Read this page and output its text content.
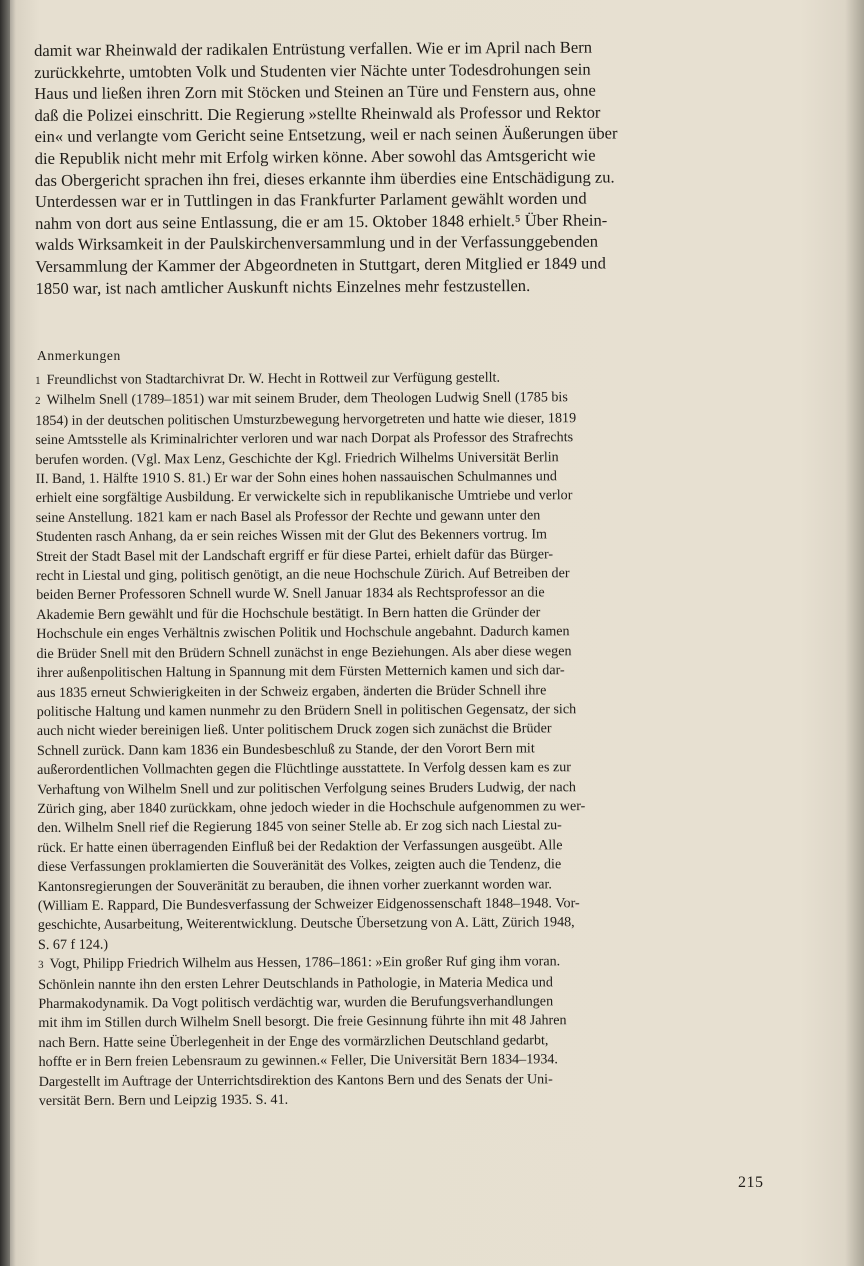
damit war Rheinwald der radikalen Entrüstung verfallen. Wie er im April nach Bern
zurückkehrte, umtobten Volk und Studenten vier Nächte unter Todesdrohungen sein
Haus und ließen ihren Zorn mit Stöcken und Steinen an Türe und Fenstern aus, ohne
daß die Polizei einschritt. Die Regierung »stellte Rheinwald als Professor und Rektor
ein« und verlangte vom Gericht seine Entsetzung, weil er nach seinen Äußerungen über
die Republik nicht mehr mit Erfolg wirken könne. Aber sowohl das Amtsgericht wie
das Obergericht sprachen ihn frei, dieses erkannte ihm überdies eine Entschädigung zu.
Unterdessen war er in Tuttlingen in das Frankfurter Parlament gewählt worden und
nahm von dort aus seine Entlassung, die er am 15. Oktober 1848 erhielt.⁵ Über Rhein-
walds Wirksamkeit in der Paulskirchenversammlung und in der Verfassunggebenden
Versammlung der Kammer der Abgeordneten in Stuttgart, deren Mitglied er 1849 und
1850 war, ist nach amtlicher Auskunft nichts Einzelnes mehr festzustellen.
Anmerkungen
1 Freundlichst von Stadtarchivrat Dr. W. Hecht in Rottweil zur Verfügung gestellt.
2 Wilhelm Snell (1789–1851) war mit seinem Bruder, dem Theologen Ludwig Snell (1785 bis
1854) in der deutschen politischen Umsturzbewegung hervorgetreten und hatte wie dieser, 1819
seine Amtsstelle als Kriminalrichter verloren und war nach Dorpat als Professor des Strafrechts
berufen worden. (Vgl. Max Lenz, Geschichte der Kgl. Friedrich Wilhelms Universität Berlin
II. Band, 1. Hälfte 1910 S. 81.) Er war der Sohn eines hohen nassauischen Schulmannes und
erhielt eine sorgfältige Ausbildung. Er verwickelte sich in republikanische Umtriebe und verlor
seine Anstellung. 1821 kam er nach Basel als Professor der Rechte und gewann unter den
Studenten rasch Anhang, da er sein reiches Wissen mit der Glut des Bekenners vortrug. Im
Streit der Stadt Basel mit der Landschaft ergriff er für diese Partei, erhielt dafür das Bürger-
recht in Liestal und ging, politisch genötigt, an die neue Hochschule Zürich. Auf Betreiben der
beiden Berner Professoren Schnell wurde W. Snell Januar 1834 als Rechtsprofessor an die
Akademie Bern gewählt und für die Hochschule bestätigt. In Bern hatten die Gründer der
Hochschule ein enges Verhältnis zwischen Politik und Hochschule angebahnt. Dadurch kamen
die Brüder Snell mit den Brüdern Schnell zunächst in enge Beziehungen. Als aber diese wegen
ihrer außenpolitischen Haltung in Spannung mit dem Fürsten Metternich kamen und sich dar-
aus 1835 erneut Schwierigkeiten in der Schweiz ergaben, änderten die Brüder Schnell ihre
politische Haltung und kamen nunmehr zu den Brüdern Snell in politischen Gegensatz, der sich
auch nicht wieder bereinigen ließ. Unter politischem Druck zogen sich zunächst die Brüder
Schnell zurück. Dann kam 1836 ein Bundesbeschluß zu Stande, der den Vorort Bern mit
außerordentlichen Vollmachten gegen die Flüchtlinge ausstattete. In Verfolg dessen kam es zur
Verhaftung von Wilhelm Snell und zur politischen Verfolgung seines Bruders Ludwig, der nach
Zürich ging, aber 1840 zurückkam, ohne jedoch wieder in die Hochschule aufgenommen zu wer-
den. Wilhelm Snell rief die Regierung 1845 von seiner Stelle ab. Er zog sich nach Liestal zu-
rück. Er hatte einen überragenden Einfluß bei der Redaktion der Verfassungen ausgeübt. Alle
diese Verfassungen proklamierten die Souveränität des Volkes, zeigten auch die Tendenz, die
Kantonsregierungen der Souveränität zu berauben, die ihnen vorher zuerkannt worden war.
(William E. Rappard, Die Bundesverfassung der Schweizer Eidgenossenschaft 1848–1948. Vor-
geschichte, Ausarbeitung, Weiterentwicklung. Deutsche Übersetzung von A. Lätt, Zürich 1948,
S. 67 f 124.)
3 Vogt, Philipp Friedrich Wilhelm aus Hessen, 1786–1861: »Ein großer Ruf ging ihm voran.
Schönlein nannte ihn den ersten Lehrer Deutschlands in Pathologie, in Materia Medica und
Pharmakodynamik. Da Vogt politisch verdächtig war, wurden die Berufungsverhandlungen
mit ihm im Stillen durch Wilhelm Snell besorgt. Die freie Gesinnung führte ihn mit 48 Jahren
nach Bern. Hatte seine Überlegenheit in der Enge des vormärzlichen Deutschland gedarbt,
hoffte er in Bern freien Lebensraum zu gewinnen.« Feller, Die Universität Bern 1834–1934.
Dargestellt im Auftrage der Unterrichtsdirektion des Kantons Bern und des Senats der Uni-
versität Bern. Bern und Leipzig 1935. S. 41.
215
